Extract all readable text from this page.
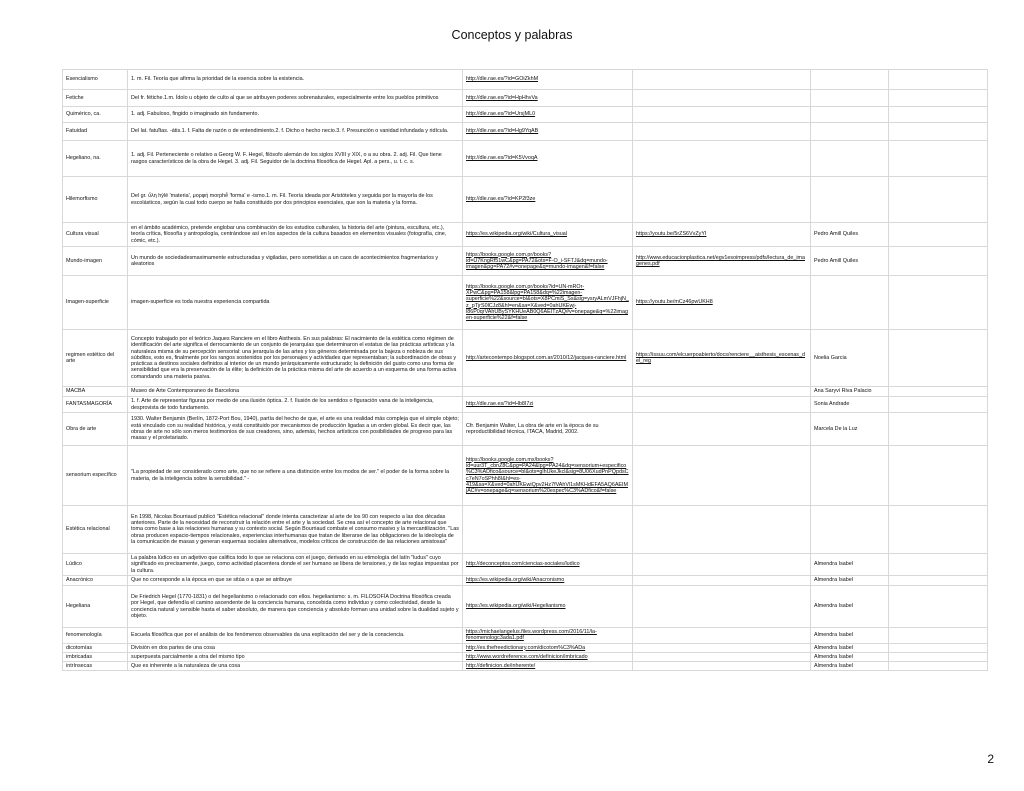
Conceptos y palabras
Esencialismo	1. m. Fil. Teoría que afirma la prioridad de la esencia sobre la existencia.	http://dle.rae.es/?id=GOiZkhM			
Fetiche	Del fr. fétiche.1.m. Ídolo u objeto de culto al que se atribuyen poderes sobrenaturales, especialmente entre los pueblos primitivos	http://dle.rae.es/?id=HpHhvVa			
Quimérico, ca.	1. adj. Fabuloso, fingido o imaginado sin fundamento.	http://dle.rae.es/?id=UrsjML0			
Fatuidad	Del lat. fatuĭtas. -átis.1. f. Falta de razón o de entendimiento.2. f. Dicho o hecho necio.3. f. Presunción o vanidad infundada y ridícula.	http://dle.rae.es/?id=Hg9YqAB			
Hegeliano, na.	1. adj. Fil. Perteneciente o relativo a Georg W. F. Hegel, filósofo alemán de los siglos XVIII y XIX, o a su obra. 2. adj. Fil. Que tiene rasgos característicos de la obra de Hegel. 3. adj. Fil. Seguidor de la doctrina filosófica de Hegel. Apl. a pers., u. t. c. s.	http://dle.rae.es/?id=K5VvoqA			
Hilemorfismo	Del gr. ὕλη hýlē 'materia', μορφή morphḗ 'forma' e -ismo.1. m. Fil. Teoría ideada por Aristóteles y seguida por la mayoría de los escolásticos, según la cual todo cuerpo se halla constituido por dos principios esenciales, que son la materia y la forma.	http://dle.rae.es/?id=KP2f3ze			
Cultura visual	en el ámbito académico, pretende englobar una combinación de los estudios culturales, la historia del arte (pintura, escultura, etc.), teoría crítica, filosofía y antropología, centrándose así en los aspectos de la cultura basados en elementos visuales (fotografía, cine, cómic, etc.).	https://es.wikipedia.org/wiki/Cultura_visual	https://youtu.be/5rZS6VvZyYI	Pedro Amill Quiles	
Mundo-imagen	Un mundo de sociedadesmaximamente estructuradas y vigiladas, pero sometidas a un caos de acontecimientos fragmentarios y aleatorios	https://books.google.com.pr/books?id=U7KngRf51wC&pg=PA72&ots=F-O_i-SFTJ&dq=mundo-imagen&pg=PA72#v=onepage&q=mundo-imagen&f=false	http://www.educacionplastica.net/egv1esoimpress/pdfs/lectura_de_imagenes.pdf	Pedro Amill Quiles	
Imagen-superficie	imagen-superficie es toda nuestra experiencia compartida	https://books.google.com.pr/books?id=UN-mROr-XPwC&pg=PA158&lpg=PA158&dq=%22imagen-superficie%22&source=bl&ots=X8PCmiS_Ss&sig=ysryALmVJFhjN_z_pTjrS0lCJz8&hl=en&sa=X&ved=0ahUKEwj-l86P0qrVAhUBySYKHUeAB0Q6AEITzAQ#v=onepage&q=%22imagen-superficie%22&f=false	https://youtu.be/mCz46pwUKH8		
regimen estético del arte	Concepto trabajado por el teórico Jaques Ranciere en el libro Aisthesis. En sus palabras: El nacimiento de la estética como régimen de identificación del arte significa el derrocamiento de un conjunto de jerarquías que determinaron el estatus de las prácticas artísticas y la naturaleza misma de su percepción sensorial: una jerarquía de las artes y los géneros determinada por la bajeza o nobleza de sus súbditos, esto es, finalmente por los rangos sostenidos por los personajes y actividades que representaban; la subordinación de obras y prácticas a destinos sociales definidos al interior de un mundo jerárquicamente estructurado; la definición del gusto como una forma de sensibilidad que era la preservación de la élite; la definición de la práctica misma del arte de acuerdo a un esquema de una forma activa comandando una materia pasiva.	http://artecontempo.blogspot.com.ar/2010/12/jacques-ranciere.html	https://issuu.com/elcuerpoabierto/docs/renciere__aisthesis_escenas_del_reg	Noelia Garcia	
MACBA	Museo de Arte Contemporaneo de Barcelona			Ana Saryvi Riva Palacio	
FANTASMAGORÍA	1. f. Arte de representar figuras por medio de una ilusión óptica. 2. f. Ilusión de los sentidos o figuración vana de la inteligencia, desprovista de todo fundamento.	http://dle.rae.es/?id=Hb8I7zi		Sonia Andrade	
Obra de arte	1930. Walter Benjamin (Berlín, 1872-Port Bou, 1940), partía del hecho de que, el arte es una realidad más compleja que el simple objeto; está vinculado con su realidad histórica, y está constituido por mecanismos de producción ligadas a un orden global. Es decir que, las obras de arte no sólo son meros testimonios de sus creadores, sino, además, hechos artísticos con posibilidades de progreso para las masas y el proletariado.	Cfr. Benjamin Walter, La obra de arte en la época de su reproductibilidad técnica, ITACA, Madrid, 2002.		Marcela De la Luz	
sensorium específico	"La propiedad de ser considerado como arte, que no se refiere a una distinción entre los modos de ser." el poder de la forma sobre la materia, de la inteligencia sobre la sensibilidad." -	https://books.google.com.mx/books?id=uur3T_cbnZ8C&pg=PA24&lpg=PA24&dq=sensorium+especifico%C3%ADfico&source=bl&ots=glhUkeJkcl&sig=8U06XudPnPQpdsCc7eN7oSPhh8I&hl=es-419&sa=X&ved=0ahUKEwiQpv2Hz7fVAhVl1sMKHdEFA5AQ6AEIMjAC#v=onepage&q=sensorium%20espec%C3%ADfico&f=false			
Estética relacional	En 1998, Nicolas Bourriaud publicó "Estética relacional" donde intenta caracterizar al arte de los 90 con respecto a las dos décadas anteriores. Parte de la necesidad de reconstruir la relación entre el arte y la sociedad. Se crea así el concepto de arte relacional que toma como base a las relaciones humanas y su contexto social. Según Bourriaud combate el consumo masivo y la mercantilización. "Las obras producen espacio-tiempos relacionales, experiencias interhumanas que tratan de liberarse de las obligaciones de la ideología de la comunicación de masas y generan esquemas sociales alternativos, modelos críticos de construcción de las relaciones amistosas"				
Lúdico	La palabra lúdico es un adjetivo que califica todo lo que se relaciona con el juego, derivado en su etimología del latín "ludus" cuyo significado es precisamente, juego, como actividad placentera donde el ser humano se libera de tensiones, y de las reglas impuestas por la cultura.	http://deconceptos.com/ciencias-sociales/ludico		Almendra Isabel	
Anacrónico	Que no corresponde a la época en que se sitúa o a que se atribuye	https://es.wikipedia.org/wiki/Anacronismo		Almendra Isabel	
Hegeliana	De Friedrich Hegel (1770-1831) o del hegelianismo o relacionado con ellos. hegelianismo: s. m. FILOSOFÍA Doctrina filosófica creada por Hegel, que defendía el camino ascendente de la conciencia humana, concebida como individuo y como colectividad, desde la conciencia natural y sensible hasta el saber absoluto, de manera que conciencia y absoluto forman una unidad sobre la dualidad sujeto y objeto.	https://es.wikipedia.org/wiki/Hegelianismo		Almendra Isabel	
fenomenología	Escuela filosófica que por el análisis de los fenómenos observables da una explicación del ser y de la consciencia.	https://michaelangelus.files.wordpress.com/2016/11/la-fenomenologc3ada1.pdf		Almendra Isabel	
dicotomías	División en dos partes de una cosa	http://es.thefreedictionary.com/dicotom%C3%ADa		Almendra Isabel	
imbricadas	superpuesta parcialmente a otra del mismo tipo	http://www.wordreference.com/definicion/imbricado		Almendra Isabel	
intrínsecas	Que es inherente a la naturaleza de una cosa	http://definicion.de/inherente/		Almendra Isabel	
2
